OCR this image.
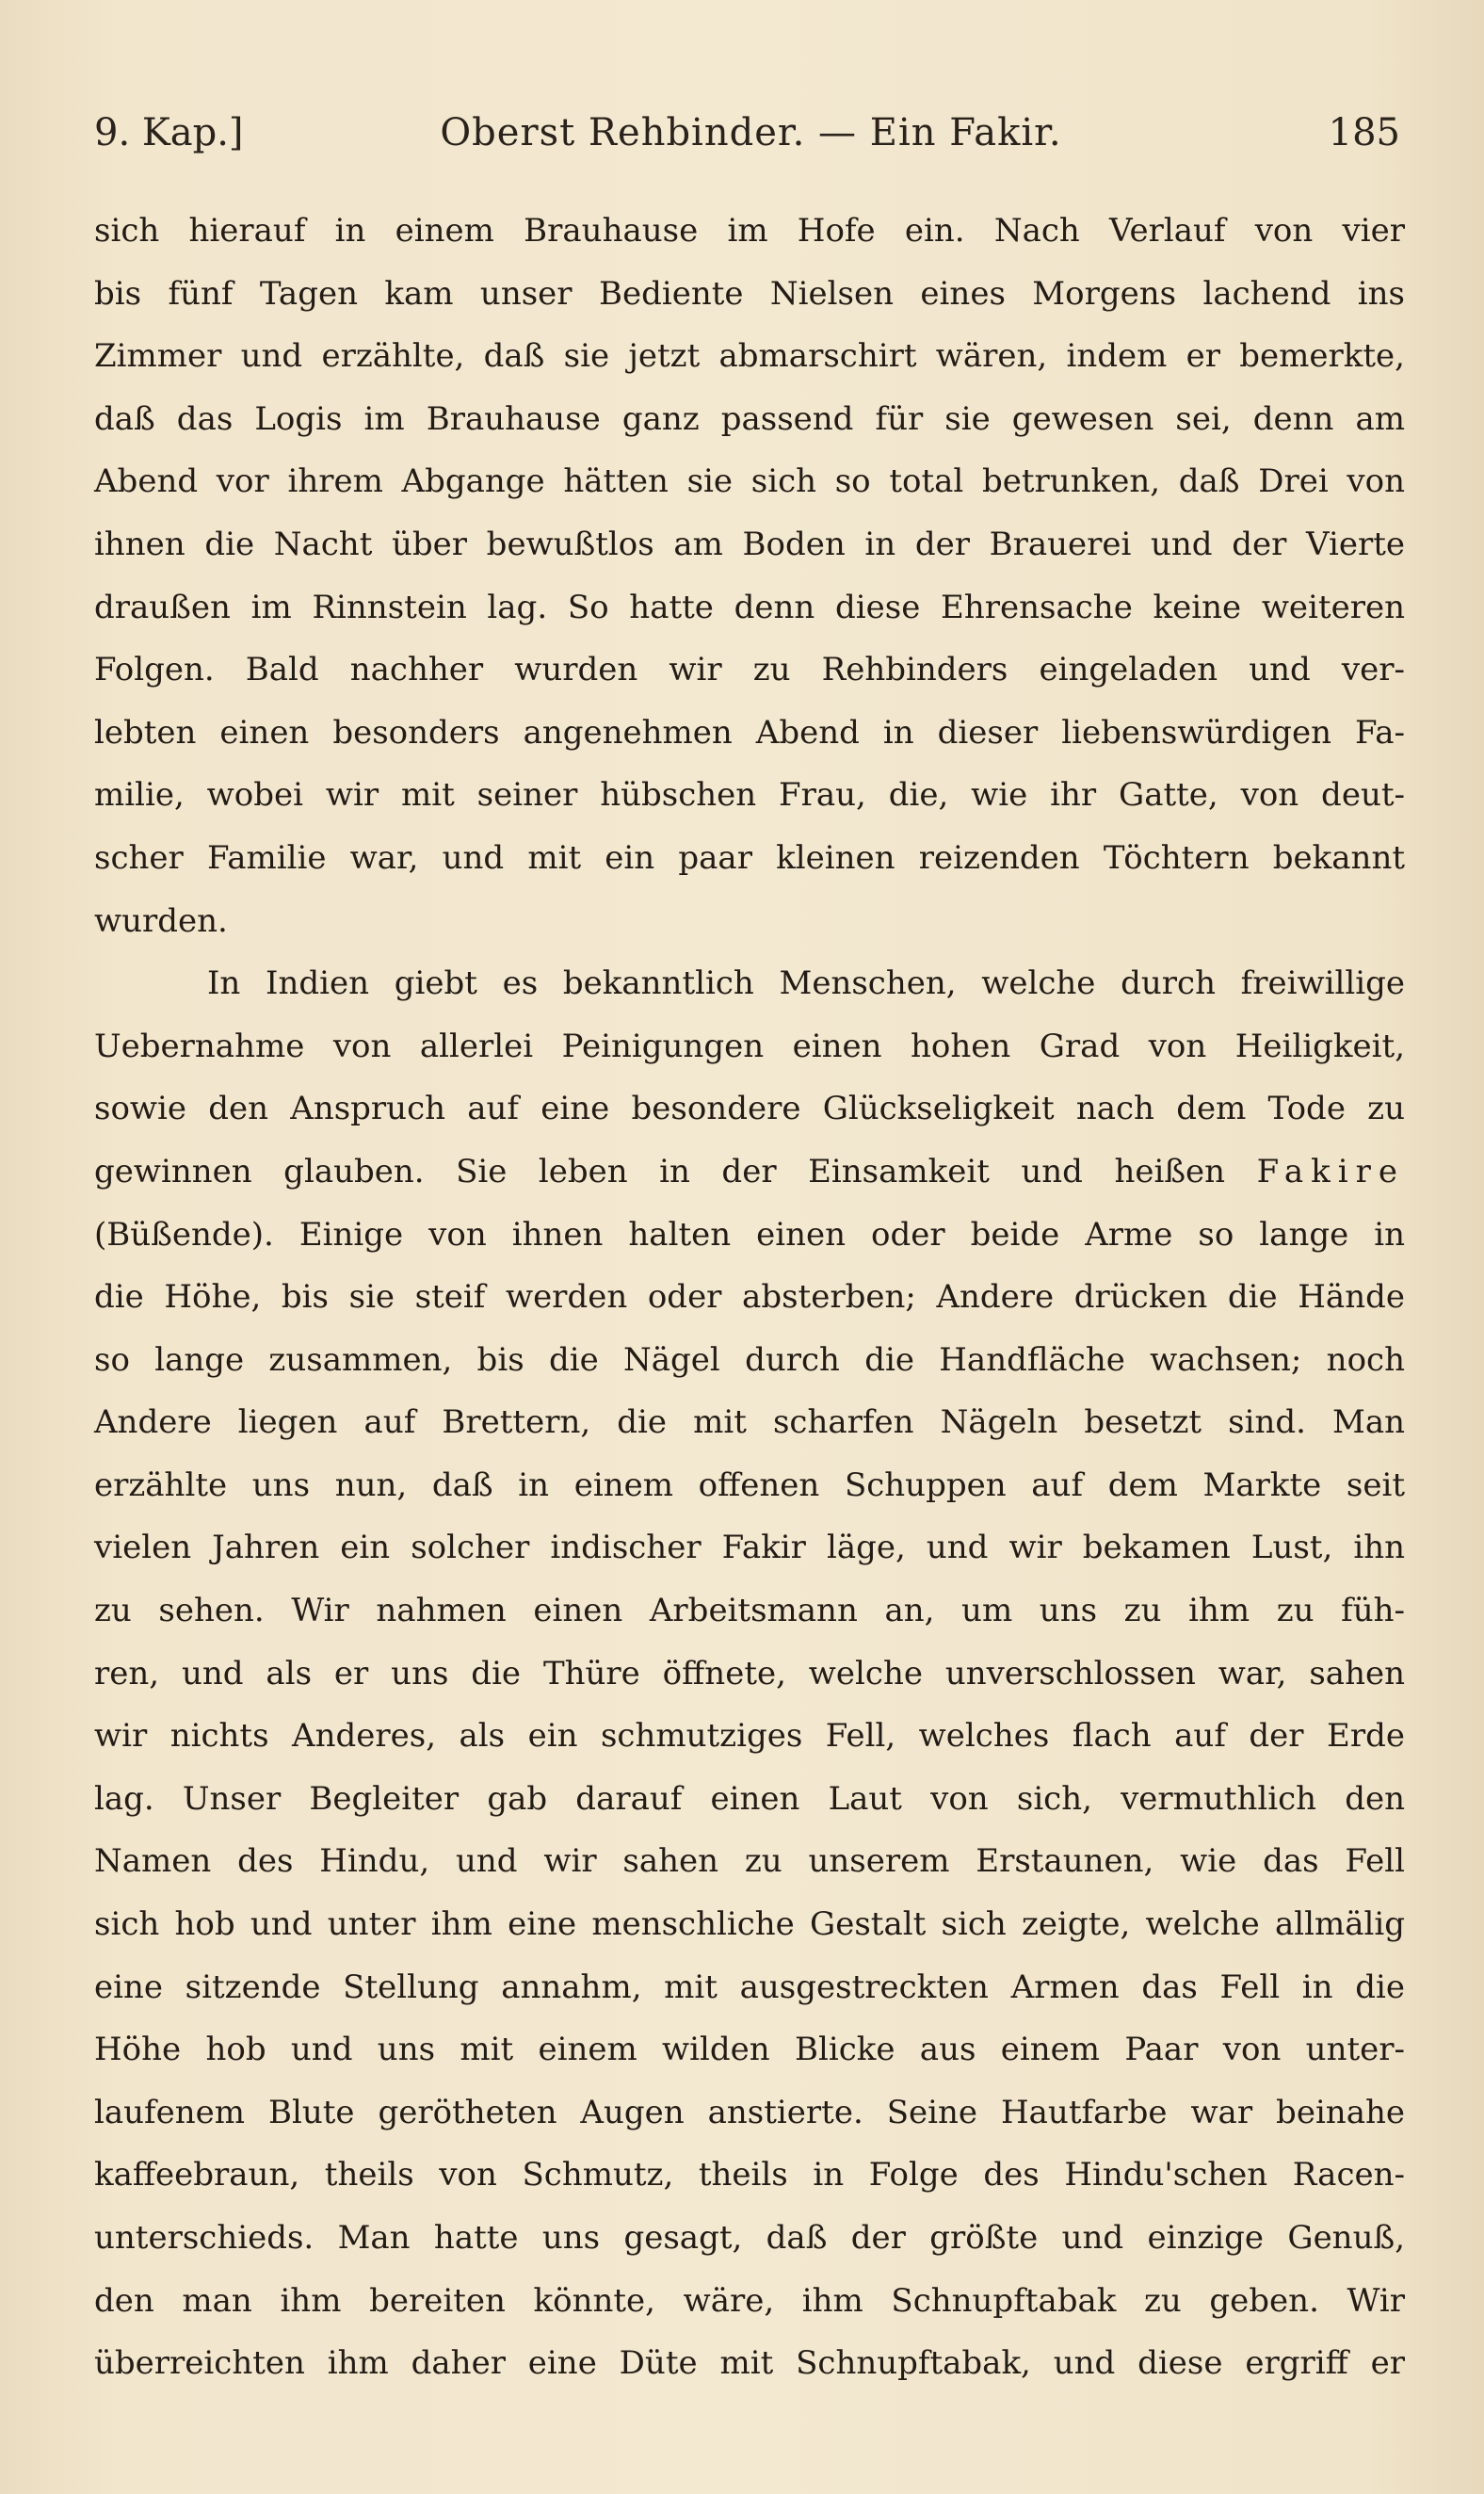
9. Kap.]	Oberst Rehbinder. — Ein Fakir.	185
sich hierauf in einem Brauhause im Hofe ein. Nach Verlauf von vier
bis fünf Tagen kam unser Bediente Nielsen eines Morgens lachend ins
Zimmer und erzählte, daß sie jetzt abmarschirt wären, indem er bemerkte,
daß das Logis im Brauhause ganz passend für sie gewesen sei, denn am
Abend vor ihrem Abgange hätten sie sich so total betrunken, daß Drei von
ihnen die Nacht über bewußtlos am Boden in der Brauerei und der Vierte
draußen im Rinnstein lag. So hatte denn diese Ehrensache keine weiteren
Folgen. Bald nachher wurden wir zu Rehbinders eingeladen und ver-
lebten einen besonders angenehmen Abend in dieser liebenswürdigen Fa-
milie, wobei wir mit seiner hübschen Frau, die, wie ihr Gatte, von deut-
scher Familie war, und mit ein paar kleinen reizenden Töchtern bekannt
wurden.
In Indien giebt es bekanntlich Menschen, welche durch freiwillige
Uebernahme von allerlei Peinigungen einen hohen Grad von Heiligkeit,
sowie den Anspruch auf eine besondere Glückseligkeit nach dem Tode zu
gewinnen glauben. Sie leben in der Einsamkeit und heißen Fakire
(Büßende). Einige von ihnen halten einen oder beide Arme so lange in
die Höhe, bis sie steif werden oder absterben; Andere drücken die Hände
so lange zusammen, bis die Nägel durch die Handfläche wachsen; noch
Andere liegen auf Brettern, die mit scharfen Nägeln besetzt sind. Man
erzählte uns nun, daß in einem offenen Schuppen auf dem Markte seit
vielen Jahren ein solcher indischer Fakir läge, und wir bekamen Lust, ihn
zu sehen. Wir nahmen einen Arbeitsmann an, um uns zu ihm zu füh-
ren, und als er uns die Thüre öffnete, welche unverschlossen war, sahen
wir nichts Anderes, als ein schmutziges Fell, welches flach auf der Erde
lag. Unser Begleiter gab darauf einen Laut von sich, vermuthlich den
Namen des Hindu, und wir sahen zu unserem Erstaunen, wie das Fell
sich hob und unter ihm eine menschliche Gestalt sich zeigte, welche allmälig
eine sitzende Stellung annahm, mit ausgestreckten Armen das Fell in die
Höhe hob und uns mit einem wilden Blicke aus einem Paar von unter-
laufenem Blute gerötheten Augen anstierte. Seine Hautfarbe war beinahe
kaffeebraun, theils von Schmutz, theils in Folge des Hindu'schen Racen-
unterschieds. Man hatte uns gesagt, daß der größte und einzige Genuß,
den man ihm bereiten könnte, wäre, ihm Schnupftabak zu geben. Wir
überreichten ihm daher eine Düte mit Schnupftabak, und diese ergriff er
